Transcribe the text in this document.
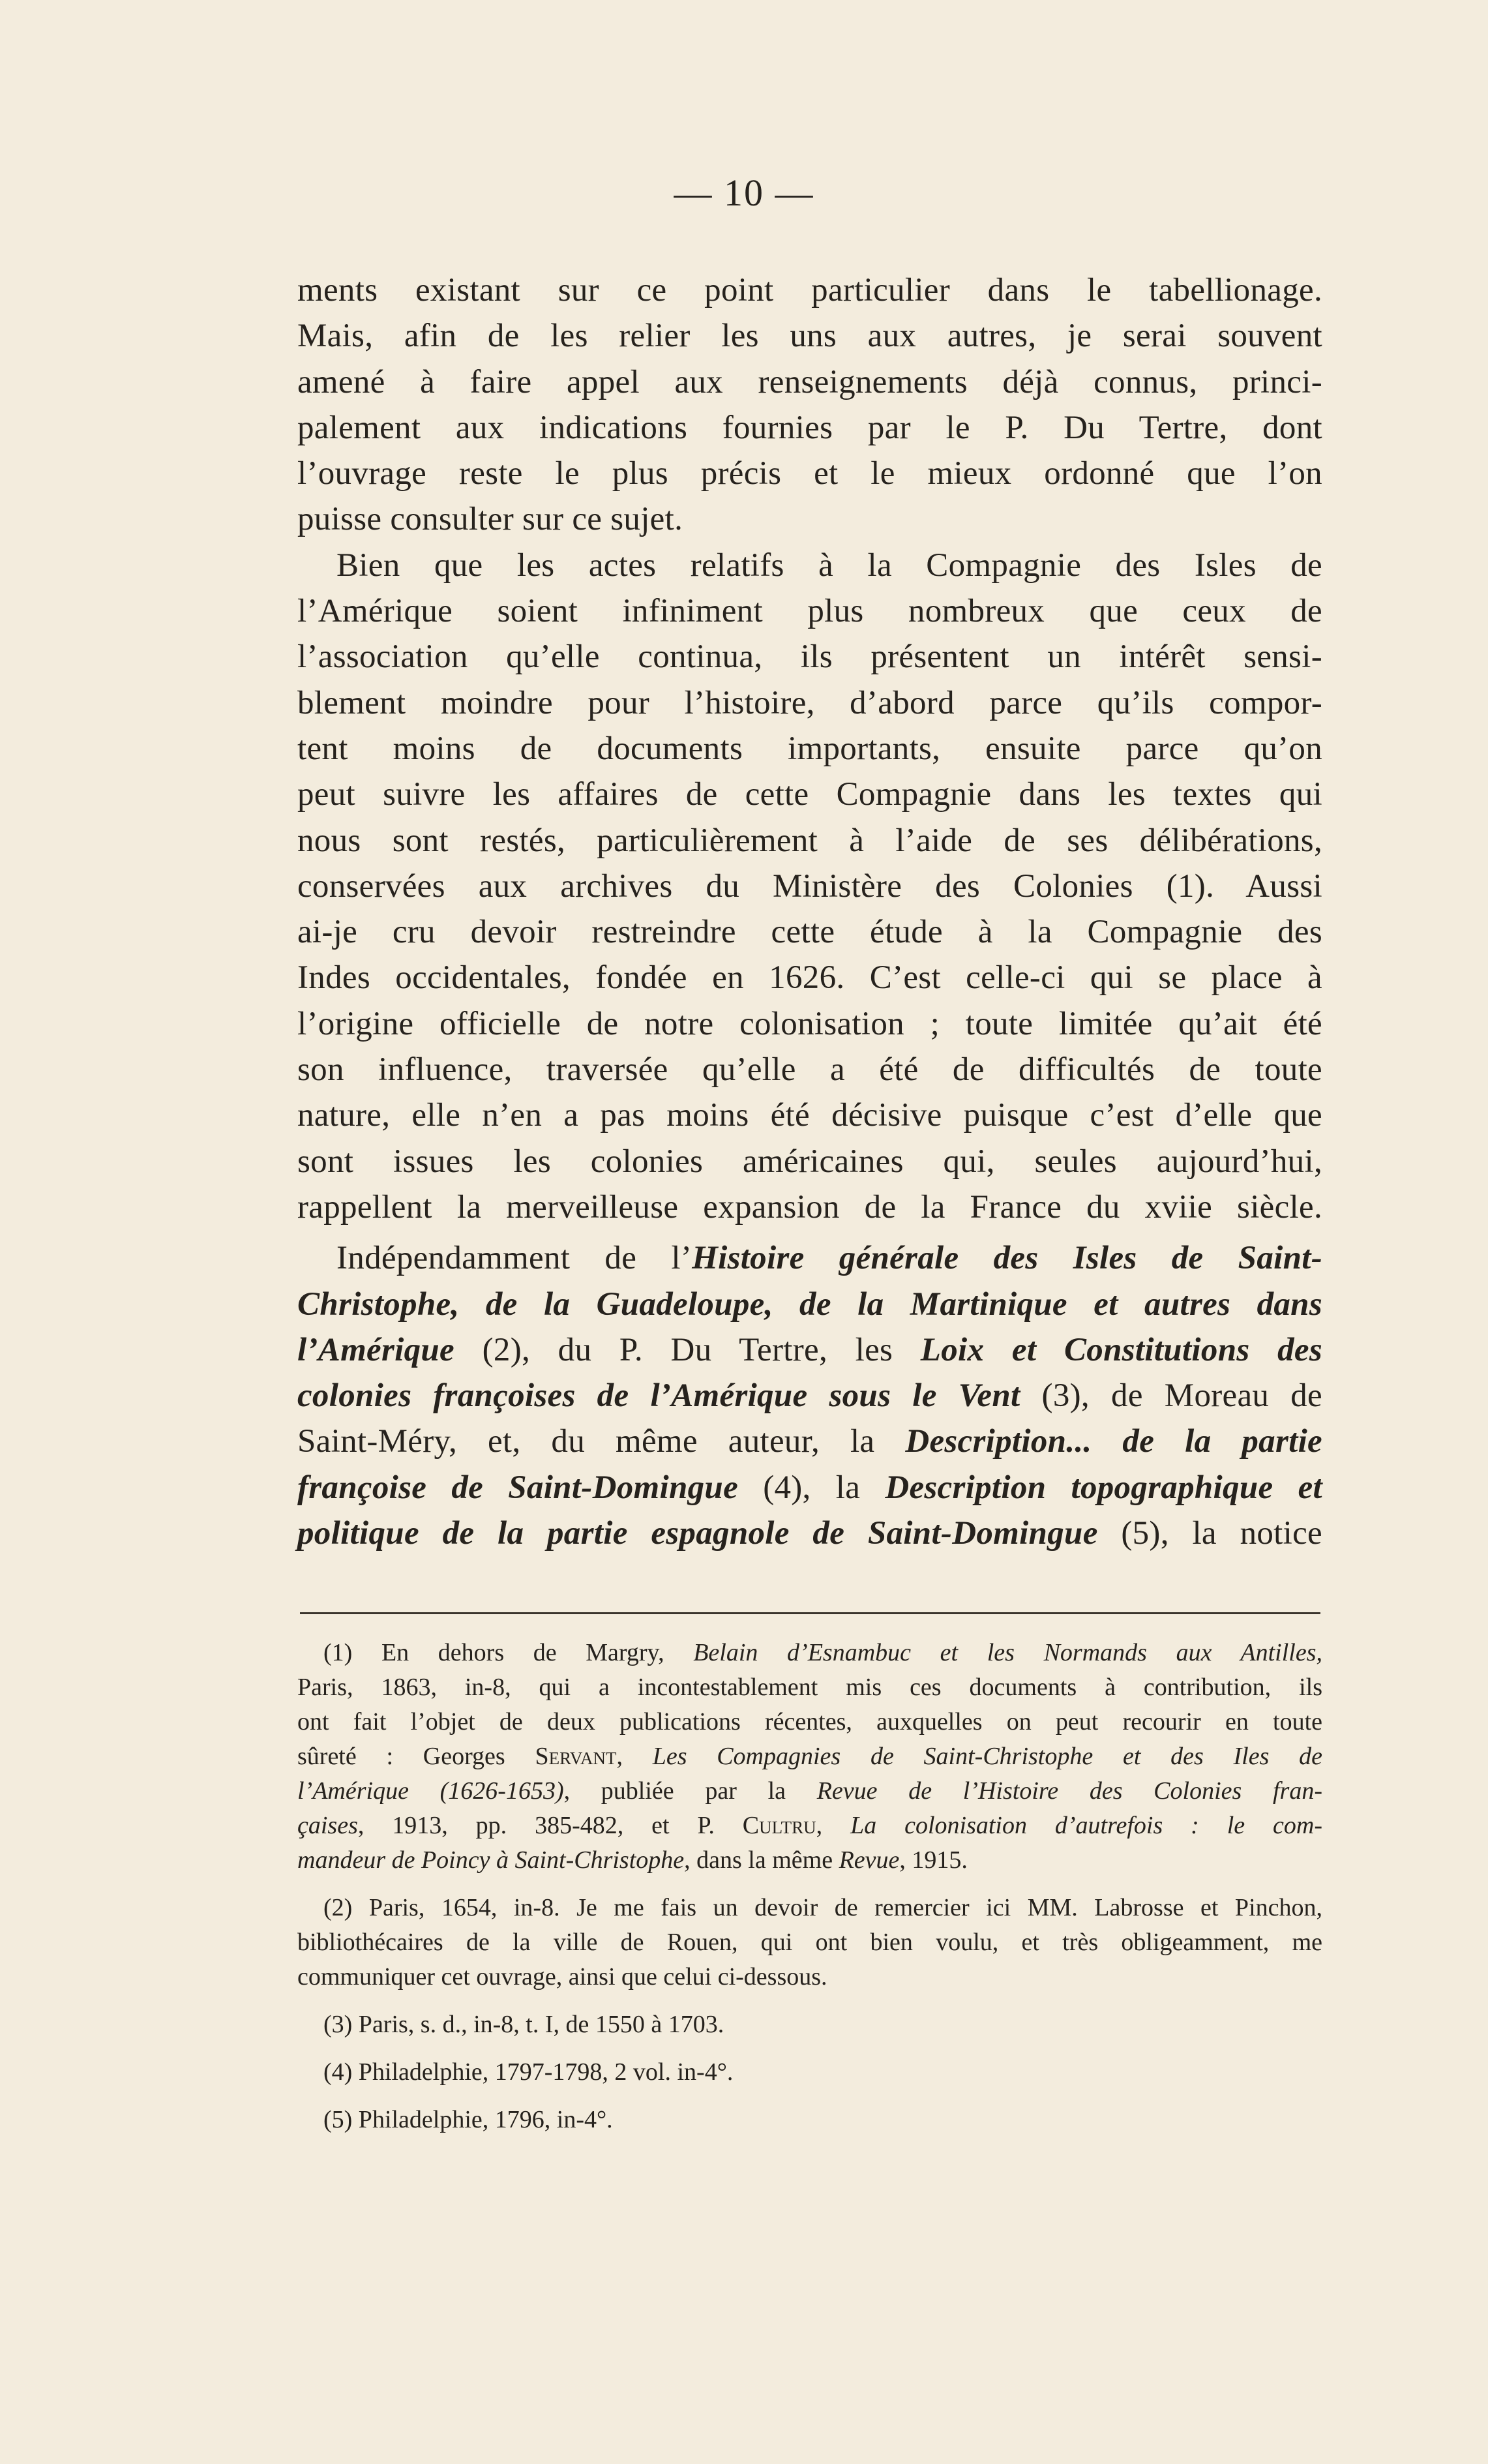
— 10 —
ments existant sur ce point particulier dans le tabellionage.
Mais, afin de les relier les uns aux autres, je serai souvent
amené à faire appel aux renseignements déjà connus, princi-
palement aux indications fournies par le P. Du Tertre, dont
l’ouvrage reste le plus précis et le mieux ordonné que l’on
puisse consulter sur ce sujet.
Bien que les actes relatifs à la Compagnie des Isles de
l’Amérique soient infiniment plus nombreux que ceux de
l’association qu’elle continua, ils présentent un intérêt sensi-
blement moindre pour l’histoire, d’abord parce qu’ils compor-
tent moins de documents importants, ensuite parce qu’on
peut suivre les affaires de cette Compagnie dans les textes qui
nous sont restés, particulièrement à l’aide de ses délibérations,
conservées aux archives du Ministère des Colonies (1). Aussi
ai-je cru devoir restreindre cette étude à la Compagnie des
Indes occidentales, fondée en 1626. C’est celle-ci qui se place à
l’origine officielle de notre colonisation ; toute limitée qu’ait été
son influence, traversée qu’elle a été de difficultés de toute
nature, elle n’en a pas moins été décisive puisque c’est d’elle que
sont issues les colonies américaines qui, seules aujourd’hui,
rappellent la merveilleuse expansion de la France du xviie siècle.
Indépendamment de l’Histoire générale des Isles de Saint-
Christophe, de la Guadeloupe, de la Martinique et autres dans
l’Amérique (2), du P. Du Tertre, les Loix et Constitutions des
colonies françoises de l’Amérique sous le Vent (3), de Moreau de
Saint-Méry, et, du même auteur, la Description... de la partie
françoise de Saint-Domingue (4), la Description topographique et
politique de la partie espagnole de Saint-Domingue (5), la notice
(1) En dehors de Margry, Belain d’Esnambuc et les Normands aux Antilles,
Paris, 1863, in-8, qui a incontestablement mis ces documents à contribution, ils
ont fait l’objet de deux publications récentes, auxquelles on peut recourir en toute
sûreté : Georges Servant, Les Compagnies de Saint-Christophe et des Iles de
l’Amérique (1626-1653), publiée par la Revue de l’Histoire des Colonies fran-
çaises, 1913, pp. 385-482, et P. Cultru, La colonisation d’autrefois : le com-
mandeur de Poincy à Saint-Christophe, dans la même Revue, 1915.
(2) Paris, 1654, in-8. Je me fais un devoir de remercier ici MM. Labrosse et Pinchon,
bibliothécaires de la ville de Rouen, qui ont bien voulu, et très obligeamment, me
communiquer cet ouvrage, ainsi que celui ci-dessous.
(3) Paris, s. d., in-8, t. I, de 1550 à 1703.
(4) Philadelphie, 1797-1798, 2 vol. in-4°.
(5) Philadelphie, 1796, in-4°.
